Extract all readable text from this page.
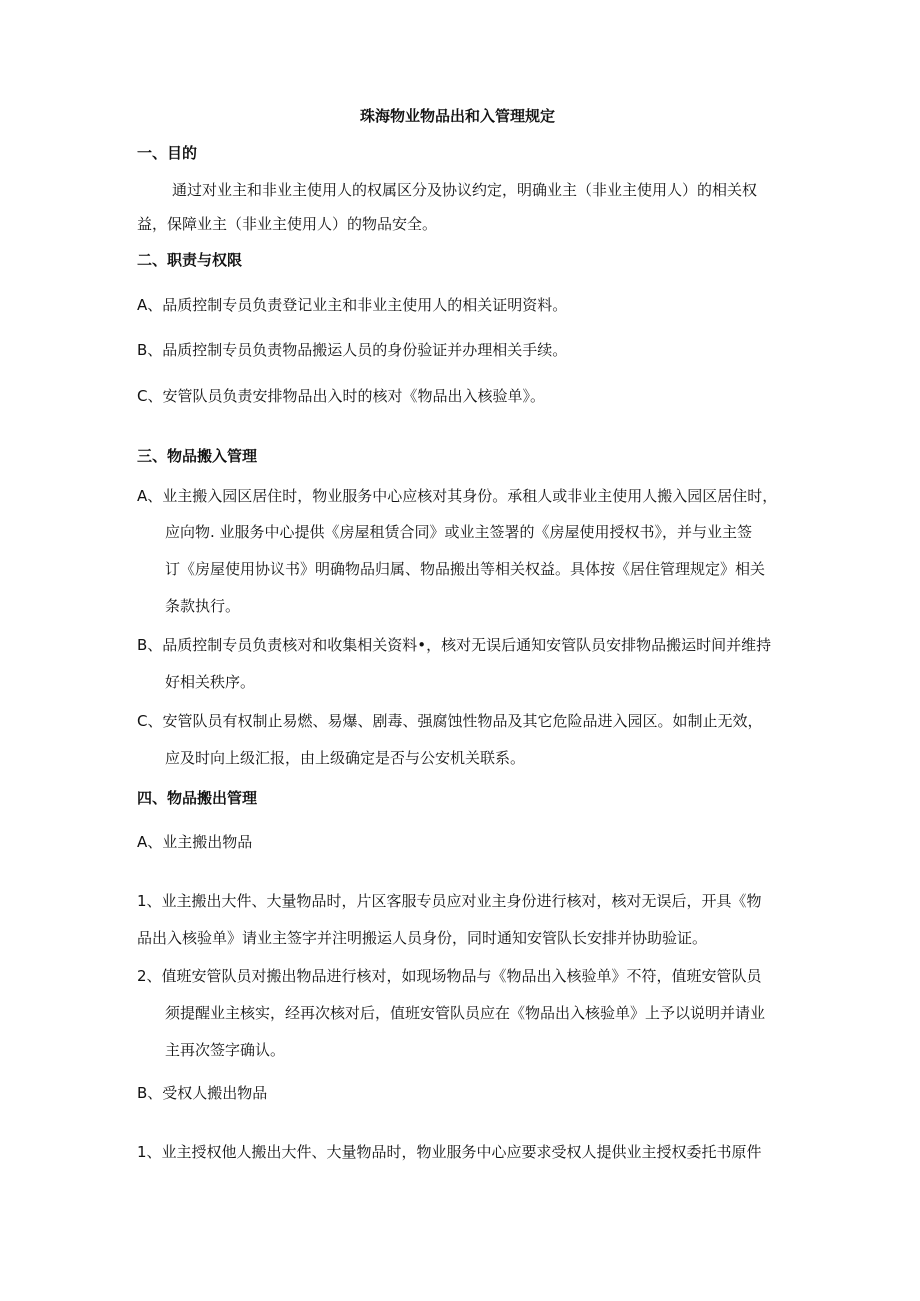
珠海物业物品出和入管理规定
一、目的
通过对业主和非业主使用人的权属区分及协议约定，明确业主（非业主使用人）的相关权
益，保障业主（非业主使用人）的物品安全。
二、职责与权限
A、品质控制专员负责登记业主和非业主使用人的相关证明资料。
B、品质控制专员负责物品搬运人员的身份验证并办理相关手续。
C、安管队员负责安排物品出入时的核对《物品出入核验单》。
三、物品搬入管理
A、业主搬入园区居住时，物业服务中心应核对其身份。承租人或非业主使用人搬入园区居住时，
应向物. 业服务中心提供《房屋租赁合同》或业主签署的《房屋使用授权书》，并与业主签
订《房屋使用协议书》明确物品归属、物品搬出等相关权益。具体按《居住管理规定》相关
条款执行。
B、品质控制专员负责核对和收集相关资料•，核对无误后通知安管队员安排物品搬运时间并维持
好相关秩序。
C、安管队员有权制止易燃、易爆、剧毒、强腐蚀性物品及其它危险品进入园区。如制止无效，
应及时向上级汇报，由上级确定是否与公安机关联系。
四、物品搬出管理
A、业主搬出物品
1、业主搬出大件、大量物品时，片区客服专员应对业主身份进行核对，核对无误后，开具《物
品出入核验单》请业主签字并注明搬运人员身份，同时通知安管队长安排并协助验证。
2、值班安管队员对搬出物品进行核对，如现场物品与《物品出入核验单》不符，值班安管队员
须提醒业主核实，经再次核对后，值班安管队员应在《物品出入核验单》上予以说明并请业
主再次签字确认。
B、受权人搬出物品
1、业主授权他人搬出大件、大量物品时，物业服务中心应要求受权人提供业主授权委托书原件
